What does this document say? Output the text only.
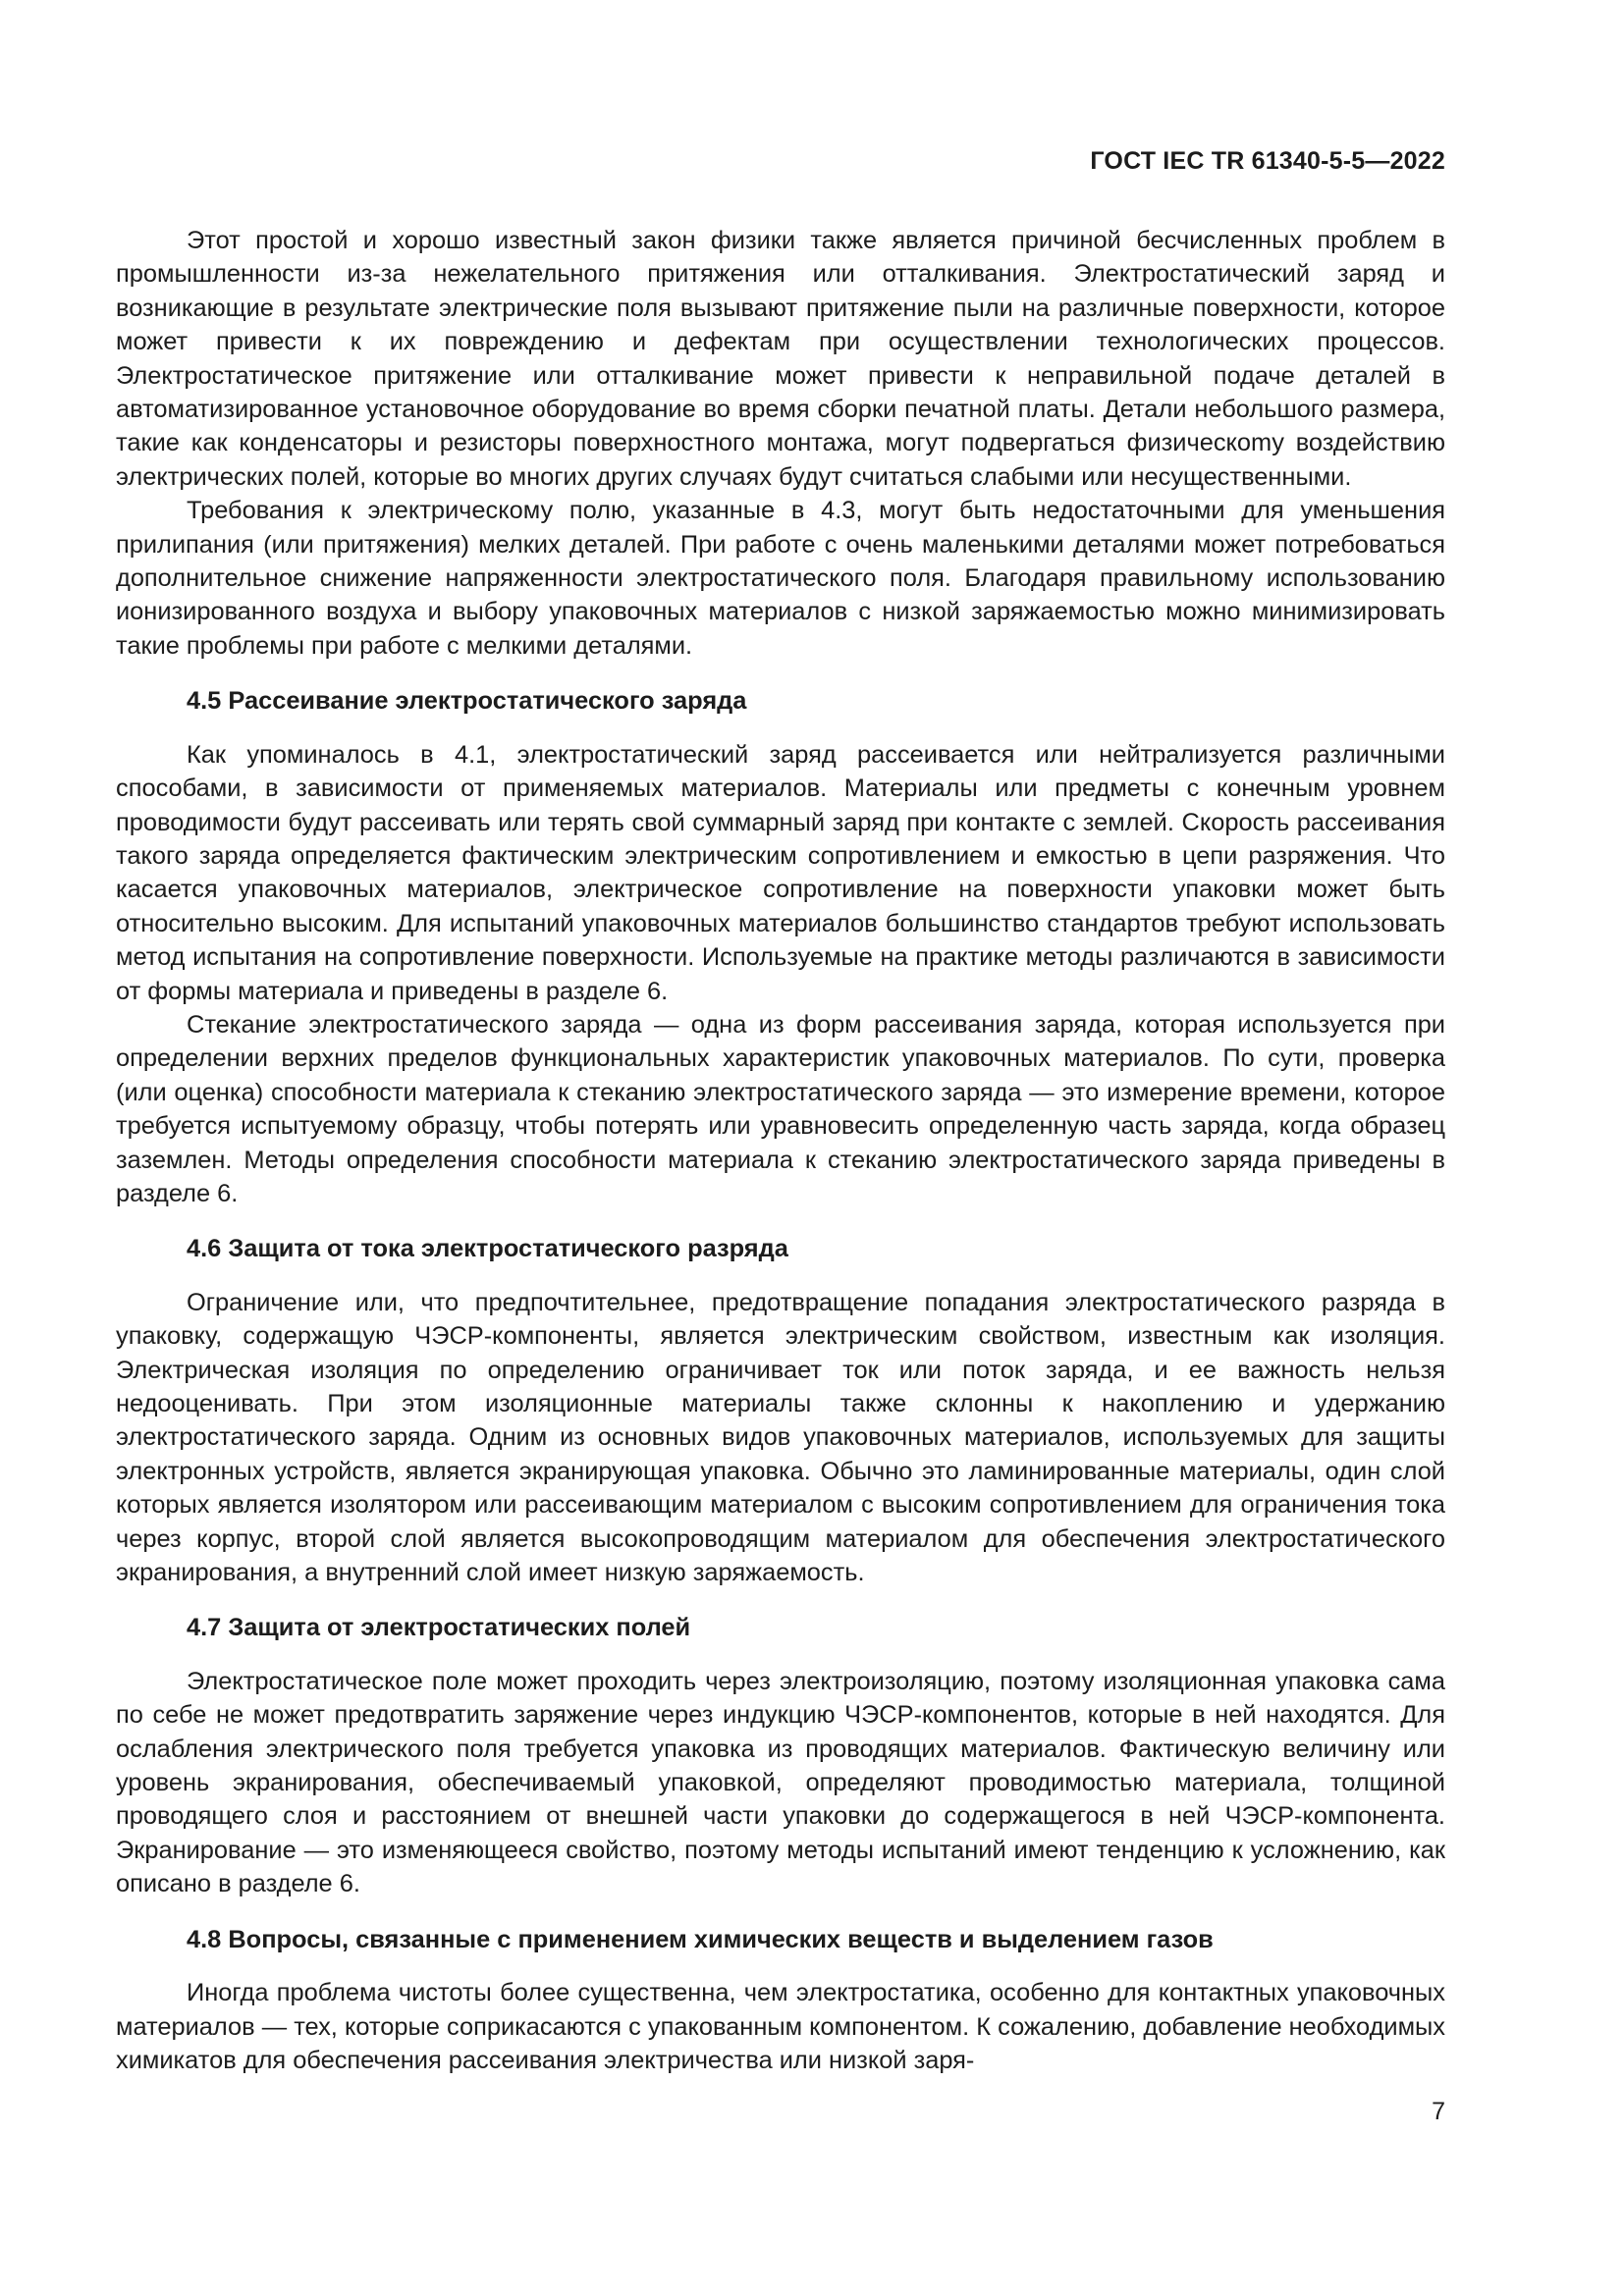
ГОСТ IEC TR 61340-5-5—2022

Этот простой и хорошо известный закон физики также является причиной бесчисленных проблем в промышленности из-за нежелательного притяжения или отталкивания. Электростатический заряд и возникающие в результате электрические поля вызывают притяжение пыли на различные поверхности, которое может привести к их повреждению и дефектам при осуществлении технологических процессов. Электростатическое притяжение или отталкивание может привести к неправильной подаче деталей в автоматизированное установочное оборудование во время сборки печатной платы. Детали небольшого размера, такие как конденсаторы и резисторы поверхностного монтажа, могут подвергаться физическоmу воздействию электрических полей, которые во многих других случаях будут считаться слабыми или несущественными.

Требования к электрическому полю, указанные в 4.3, могут быть недостаточными для уменьшения прилипания (или притяжения) мелких деталей. При работе с очень маленькими деталями может потребоваться дополнительное снижение напряженности электростатического поля. Благодаря правильному использованию ионизированного воздуха и выбору упаковочных материалов с низкой заряжаемостью можно минимизировать такие проблемы при работе с мелкими деталями.

4.5 Рассеивание электростатического заряда

Как упоминалось в 4.1, электростатический заряд рассеивается или нейтрализуется различными способами, в зависимости от применяемых материалов. Материалы или предметы с конечным уровнем проводимости будут рассеивать или терять свой суммарный заряд при контакте с землей. Скорость рассеивания такого заряда определяется фактическим электрическим сопротивлением и емкостью в цепи разряжения. Что касается упаковочных материалов, электрическое сопротивление на поверхности упаковки может быть относительно высоким. Для испытаний упаковочных материалов большинство стандартов требуют использовать метод испытания на сопротивление поверхности. Используемые на практике методы различаются в зависимости от формы материала и приведены в разделе 6.

Стекание электростатического заряда — одна из форм рассеивания заряда, которая используется при определении верхних пределов функциональных характеристик упаковочных материалов. По сути, проверка (или оценка) способности материала к стеканию электростатического заряда — это измерение времени, которое требуется испытуемому образцу, чтобы потерять или уравновесить определенную часть заряда, когда образец заземлен. Методы определения способности материала к стеканию электростатического заряда приведены в разделе 6.

4.6 Защита от тока электростатического разряда

Ограничение или, что предпочтительнее, предотвращение попадания электростатического разряда в упаковку, содержащую ЧЭСР-компоненты, является электрическим свойством, известным как изоляция. Электрическая изоляция по определению ограничивает ток или поток заряда, и ее важность нельзя недооценивать. При этом изоляционные материалы также склонны к накоплению и удержанию электростатического заряда. Одним из основных видов упаковочных материалов, используемых для защиты электронных устройств, является экранирующая упаковка. Обычно это ламинированные материалы, один слой которых является изолятором или рассеивающим материалом с высоким сопротивлением для ограничения тока через корпус, второй слой является высокопроводящим материалом для обеспечения электростатического экранирования, а внутренний слой имеет низкую заряжаемость.

4.7 Защита от электростатических полей

Электростатическое поле может проходить через электроизоляцию, поэтому изоляционная упаковка сама по себе не может предотвратить заряжение через индукцию ЧЭСР-компонентов, которые в ней находятся. Для ослабления электрического поля требуется упаковка из проводящих материалов. Фактическую величину или уровень экранирования, обеспечиваемый упаковкой, определяют проводимостью материала, толщиной проводящего слоя и расстоянием от внешней части упаковки до содержащегося в ней ЧЭСР-компонента. Экранирование — это изменяющееся свойство, поэтому методы испытаний имеют тенденцию к усложнению, как описано в разделе 6.

4.8 Вопросы, связанные с применением химических веществ и выделением газов

Иногда проблема чистоты более существенна, чем электростатика, особенно для контактных упаковочных материалов — тех, которые соприкасаются с упакованным компонентом. К сожалению, добавление необходимых химикатов для обеспечения рассеивания электричества или низкой заря-

7
